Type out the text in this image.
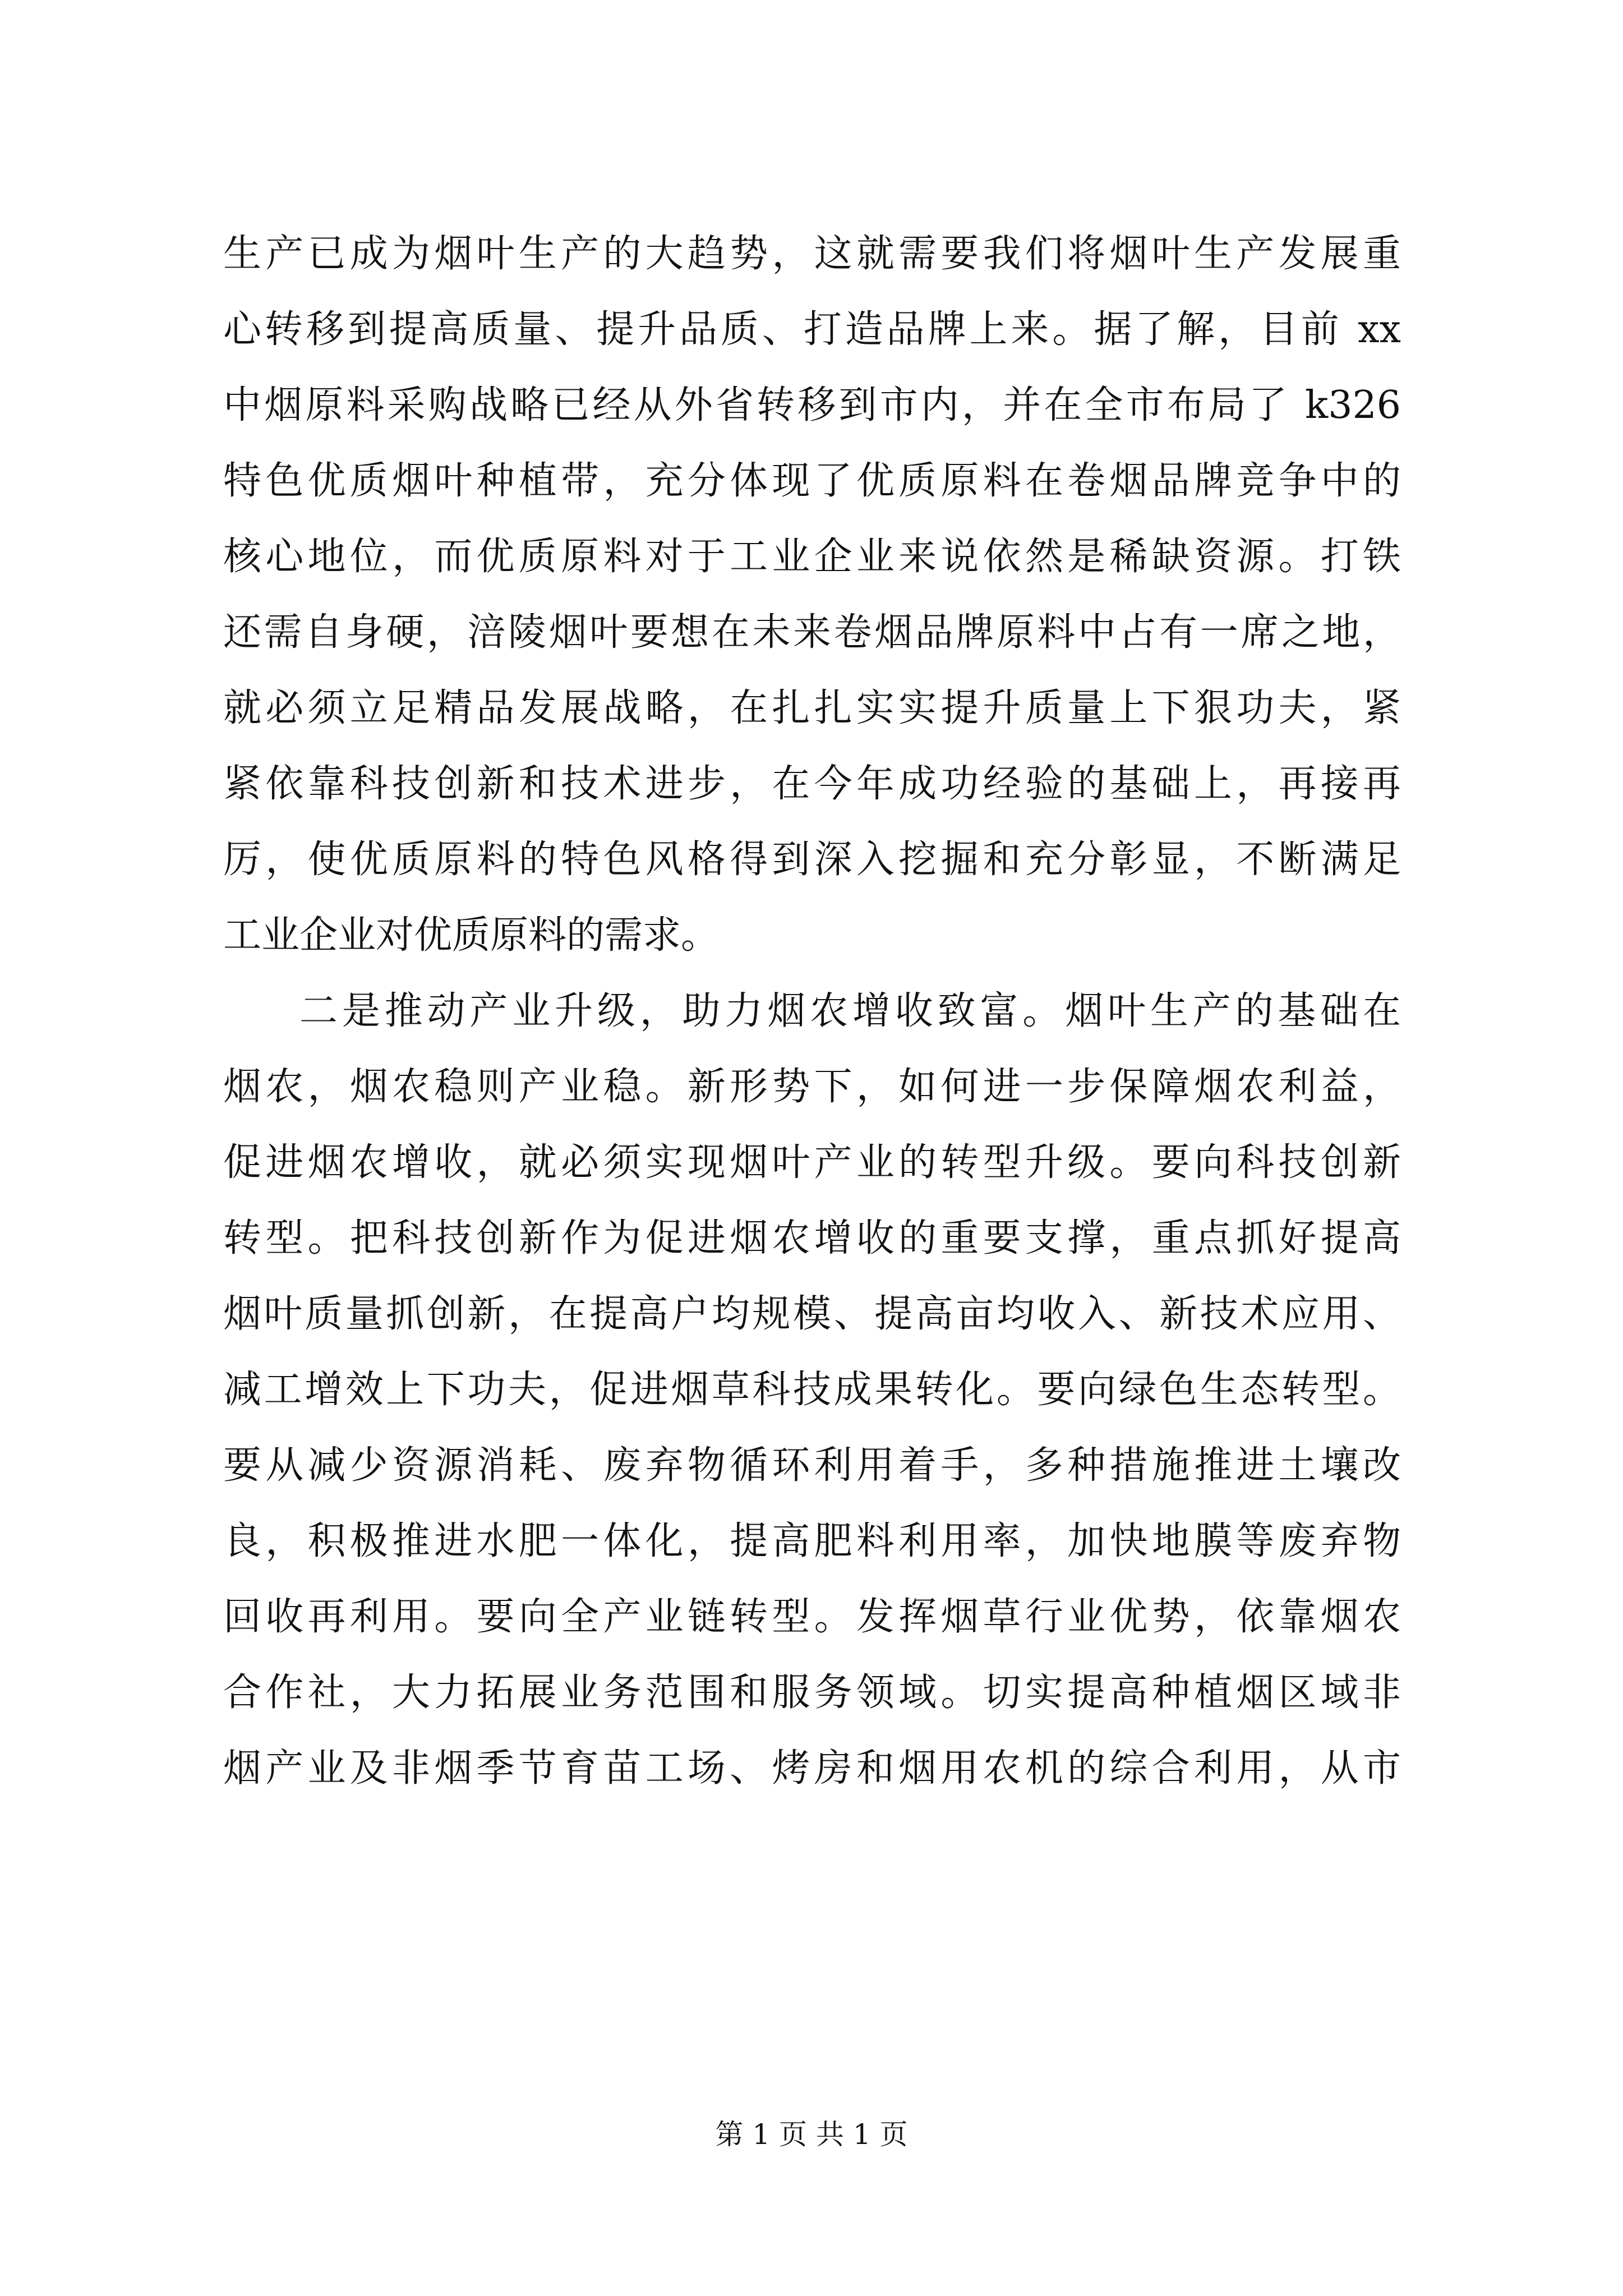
生产已成为烟叶生产的大趋势，这就需要我们将烟叶生产发展重
心转移到提高质量、提升品质、打造品牌上来。据了解，目前 xx
中烟原料采购战略已经从外省转移到市内，并在全市布局了 k326
特色优质烟叶种植带，充分体现了优质原料在卷烟品牌竞争中的
核心地位，而优质原料对于工业企业来说依然是稀缺资源。打铁
还需自身硬，涪陵烟叶要想在未来卷烟品牌原料中占有一席之地，
就必须立足精品发展战略，在扎扎实实提升质量上下狠功夫，紧
紧依靠科技创新和技术进步，在今年成功经验的基础上，再接再
厉，使优质原料的特色风格得到深入挖掘和充分彰显，不断满足
工业企业对优质原料的需求。
二是推动产业升级，助力烟农增收致富。烟叶生产的基础在
烟农，烟农稳则产业稳。新形势下，如何进一步保障烟农利益，
促进烟农增收，就必须实现烟叶产业的转型升级。要向科技创新
转型。把科技创新作为促进烟农增收的重要支撑，重点抓好提高
烟叶质量抓创新，在提高户均规模、提高亩均收入、新技术应用、
减工增效上下功夫，促进烟草科技成果转化。要向绿色生态转型。
要从减少资源消耗、废弃物循环利用着手，多种措施推进土壤改
良，积极推进水肥一体化，提高肥料利用率，加快地膜等废弃物
回收再利用。要向全产业链转型。发挥烟草行业优势，依靠烟农
合作社，大力拓展业务范围和服务领域。切实提高种植烟区域非
烟产业及非烟季节育苗工场、烤房和烟用农机的综合利用，从市
第 1 页 共 1 页
